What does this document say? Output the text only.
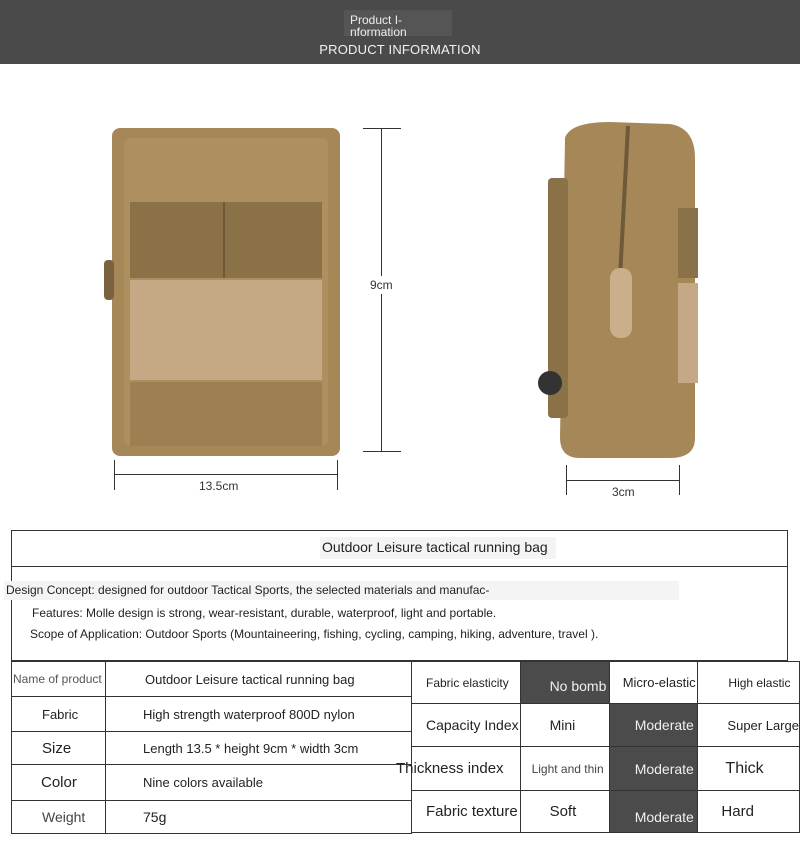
Product I- nformation
PRODUCT INFORMATION
9cm
13.5cm	3cm
Outdoor Leisure tactical running bag
Design Concept: designed for outdoor Tactical Sports, the selected materials and manufac-
Features: Molle design is strong, wear-resistant, durable, waterproof, light and portable.
Scope of Application: Outdoor Sports (Mountaineering, fishing, cycling, camping, hiking, adventure, travel ).
Name of product	Outdoor Leisure tactical running bag

Fabric	High strength waterproof 800D nylon

Size	Length 13.5 * height 9cm * width 3cm

Color	Nine colors available

Weight	75g
Fabric elasticity	No bomb	Micro-elastic	High elastic

Capacity Index	Mini	Moderate	Super Large

Thickness index	Light and thin	Moderate	Thick

Fabric texture	Soft	Moderate	Hard
